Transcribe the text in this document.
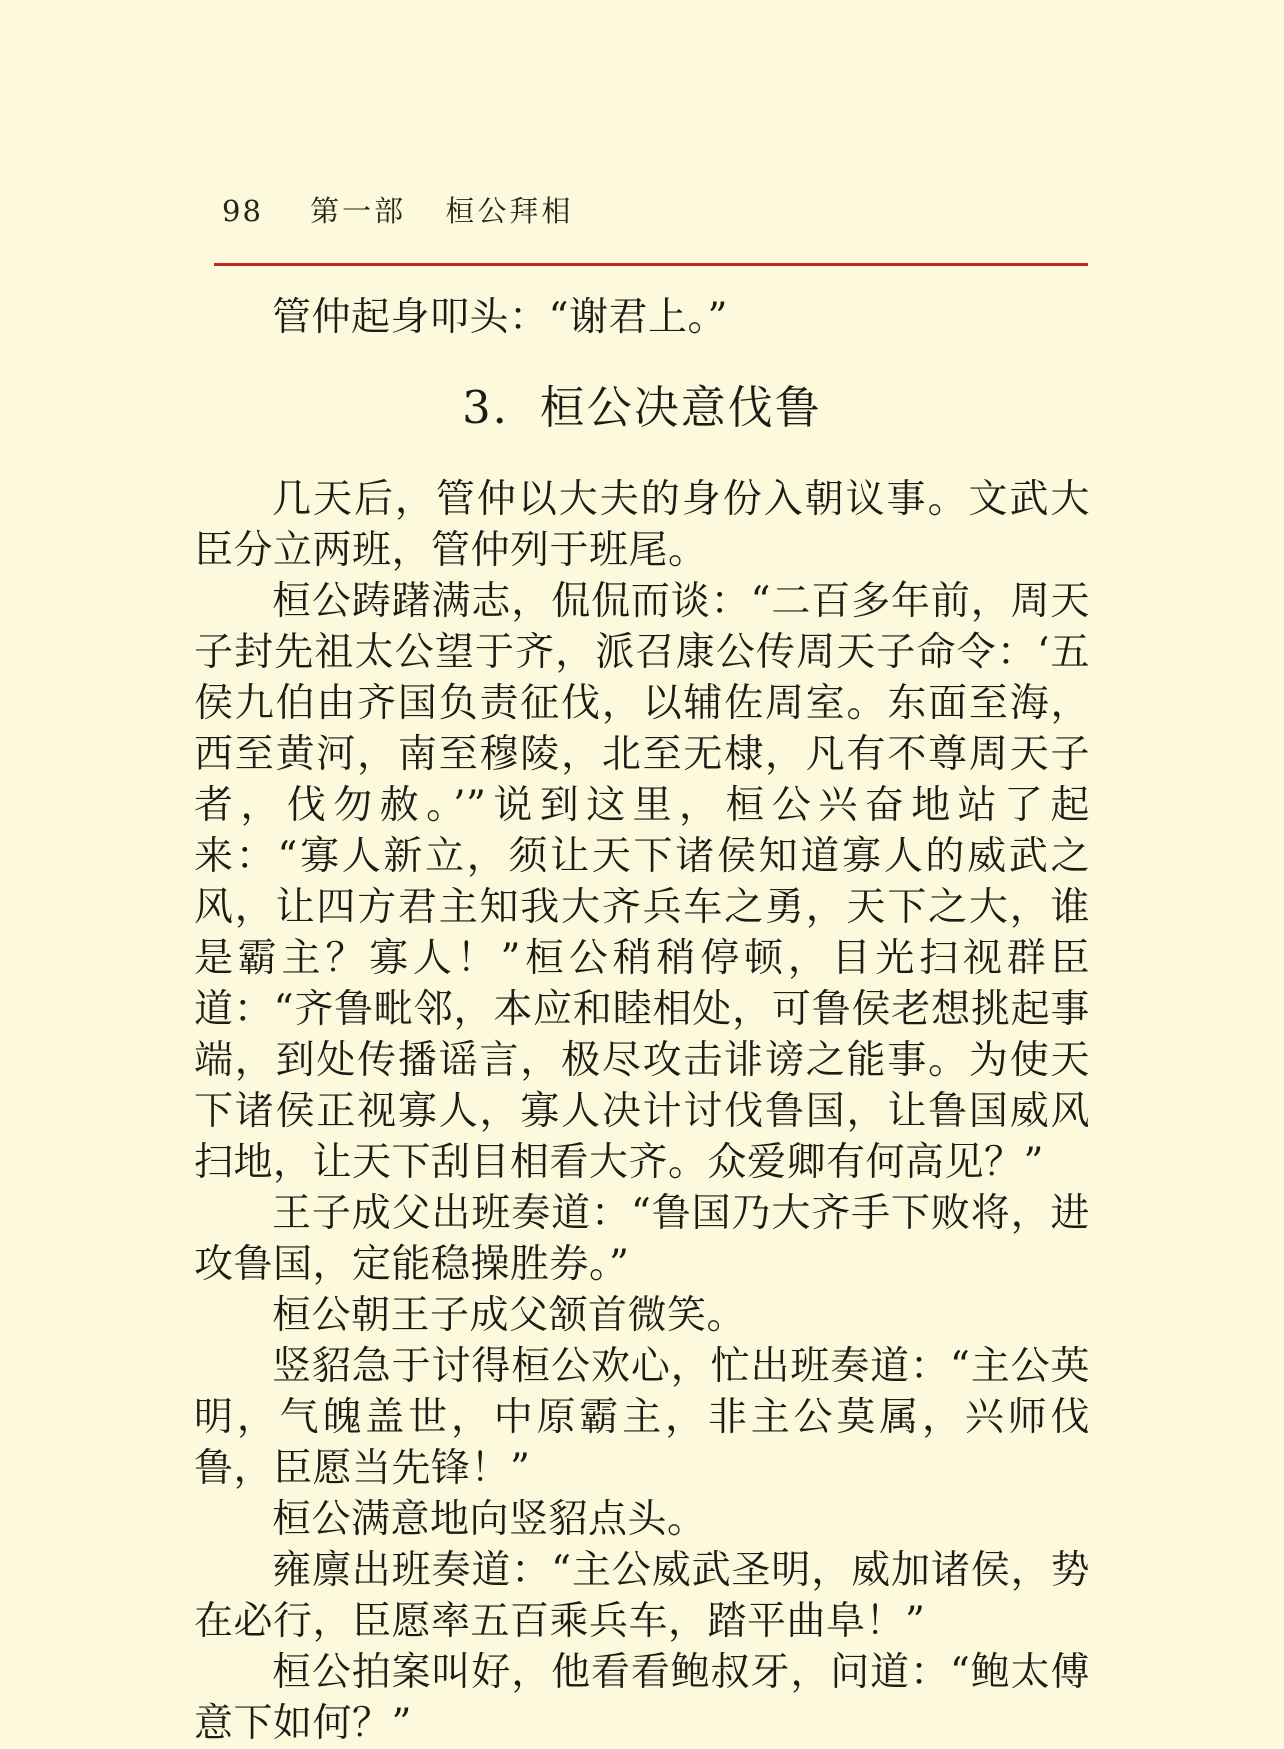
98 第一部 桓公拜相

管仲起身叩头：“谢君上。”

3．桓公决意伐鲁

几天后，管仲以大夫的身份入朝议事。文武大臣分立两班，管仲列于班尾。

桓公踌躇满志，侃侃而谈：“二百多年前，周天子封先祖太公望于齐，派召康公传周天子命令：‘五侯九伯由齐国负责征伐，以辅佐周室。东面至海，西至黄河，南至穆陵，北至无棣，凡有不尊周天子者，伐勿赦。’”说到这里，桓公兴奋地站了起来：“寡人新立，须让天下诸侯知道寡人的威武之风，让四方君主知我大齐兵车之勇，天下之大，谁是霸主？寡人！”桓公稍稍停顿，目光扫视群臣道：“齐鲁毗邻，本应和睦相处，可鲁侯老想挑起事端，到处传播谣言，极尽攻击诽谤之能事。为使天下诸侯正视寡人，寡人决计讨伐鲁国，让鲁国威风扫地，让天下刮目相看大齐。众爱卿有何高见？”

王子成父出班奏道：“鲁国乃大齐手下败将，进攻鲁国，定能稳操胜券。”

桓公朝王子成父颔首微笑。

竖貂急于讨得桓公欢心，忙出班奏道：“主公英明，气魄盖世，中原霸主，非主公莫属，兴师伐鲁，臣愿当先锋！”

桓公满意地向竖貂点头。

雍廪出班奏道：“主公威武圣明，威加诸侯，势在必行，臣愿率五百乘兵车，踏平曲阜！”

桓公拍案叫好，他看看鲍叔牙，问道：“鲍太傅意下如何？”
